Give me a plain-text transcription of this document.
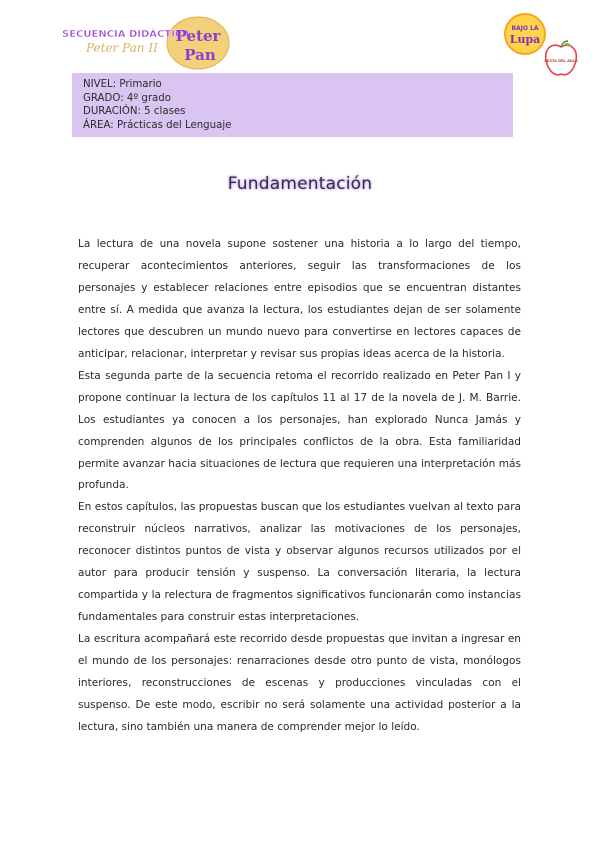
SECUENCIA DIDÁCTICA
Peter Pan II
Peter
Pan
BAJO LA
Lupa
CESTA DEL AULA
NIVEL: Primario
GRADO: 4º grado
DURACIÓN: 5 clases
ÁREA: Prácticas del Lenguaje
Fundamentación

La lectura de una novela supone sostener una historia a lo largo del tiempo, recuperar acontecimientos anteriores, seguir las transformaciones de los personajes y establecer relaciones entre episodios que se encuentran distantes entre sí. A medida que avanza la lectura, los estudiantes dejan de ser solamente lectores que descubren un mundo nuevo para convertirse en lectores capaces de anticipar, relacionar, interpretar y revisar sus propias ideas acerca de la historia.

Esta segunda parte de la secuencia retoma el recorrido realizado en Peter Pan I y propone continuar la lectura de los capítulos 11 al 17 de la novela de J. M. Barrie. Los estudiantes ya conocen a los personajes, han explorado Nunca Jamás y comprenden algunos de los principales conflictos de la obra. Esta familiaridad permite avanzar hacia situaciones de lectura que requieren una interpretación más profunda.

En estos capítulos, las propuestas buscan que los estudiantes vuelvan al texto para reconstruir núcleos narrativos, analizar las motivaciones de los personajes, reconocer distintos puntos de vista y observar algunos recursos utilizados por el autor para producir tensión y suspenso. La conversación literaria, la lectura compartida y la relectura de fragmentos significativos funcionarán como instancias fundamentales para construir estas interpretaciones.

La escritura acompañará este recorrido desde propuestas que invitan a ingresar en el mundo de los personajes: renarraciones desde otro punto de vista, monólogos interiores, reconstrucciones de escenas y producciones vinculadas con el suspenso. De este modo, escribir no será solamente una actividad posterior a la lectura, sino también una manera de comprender mejor lo leído.
